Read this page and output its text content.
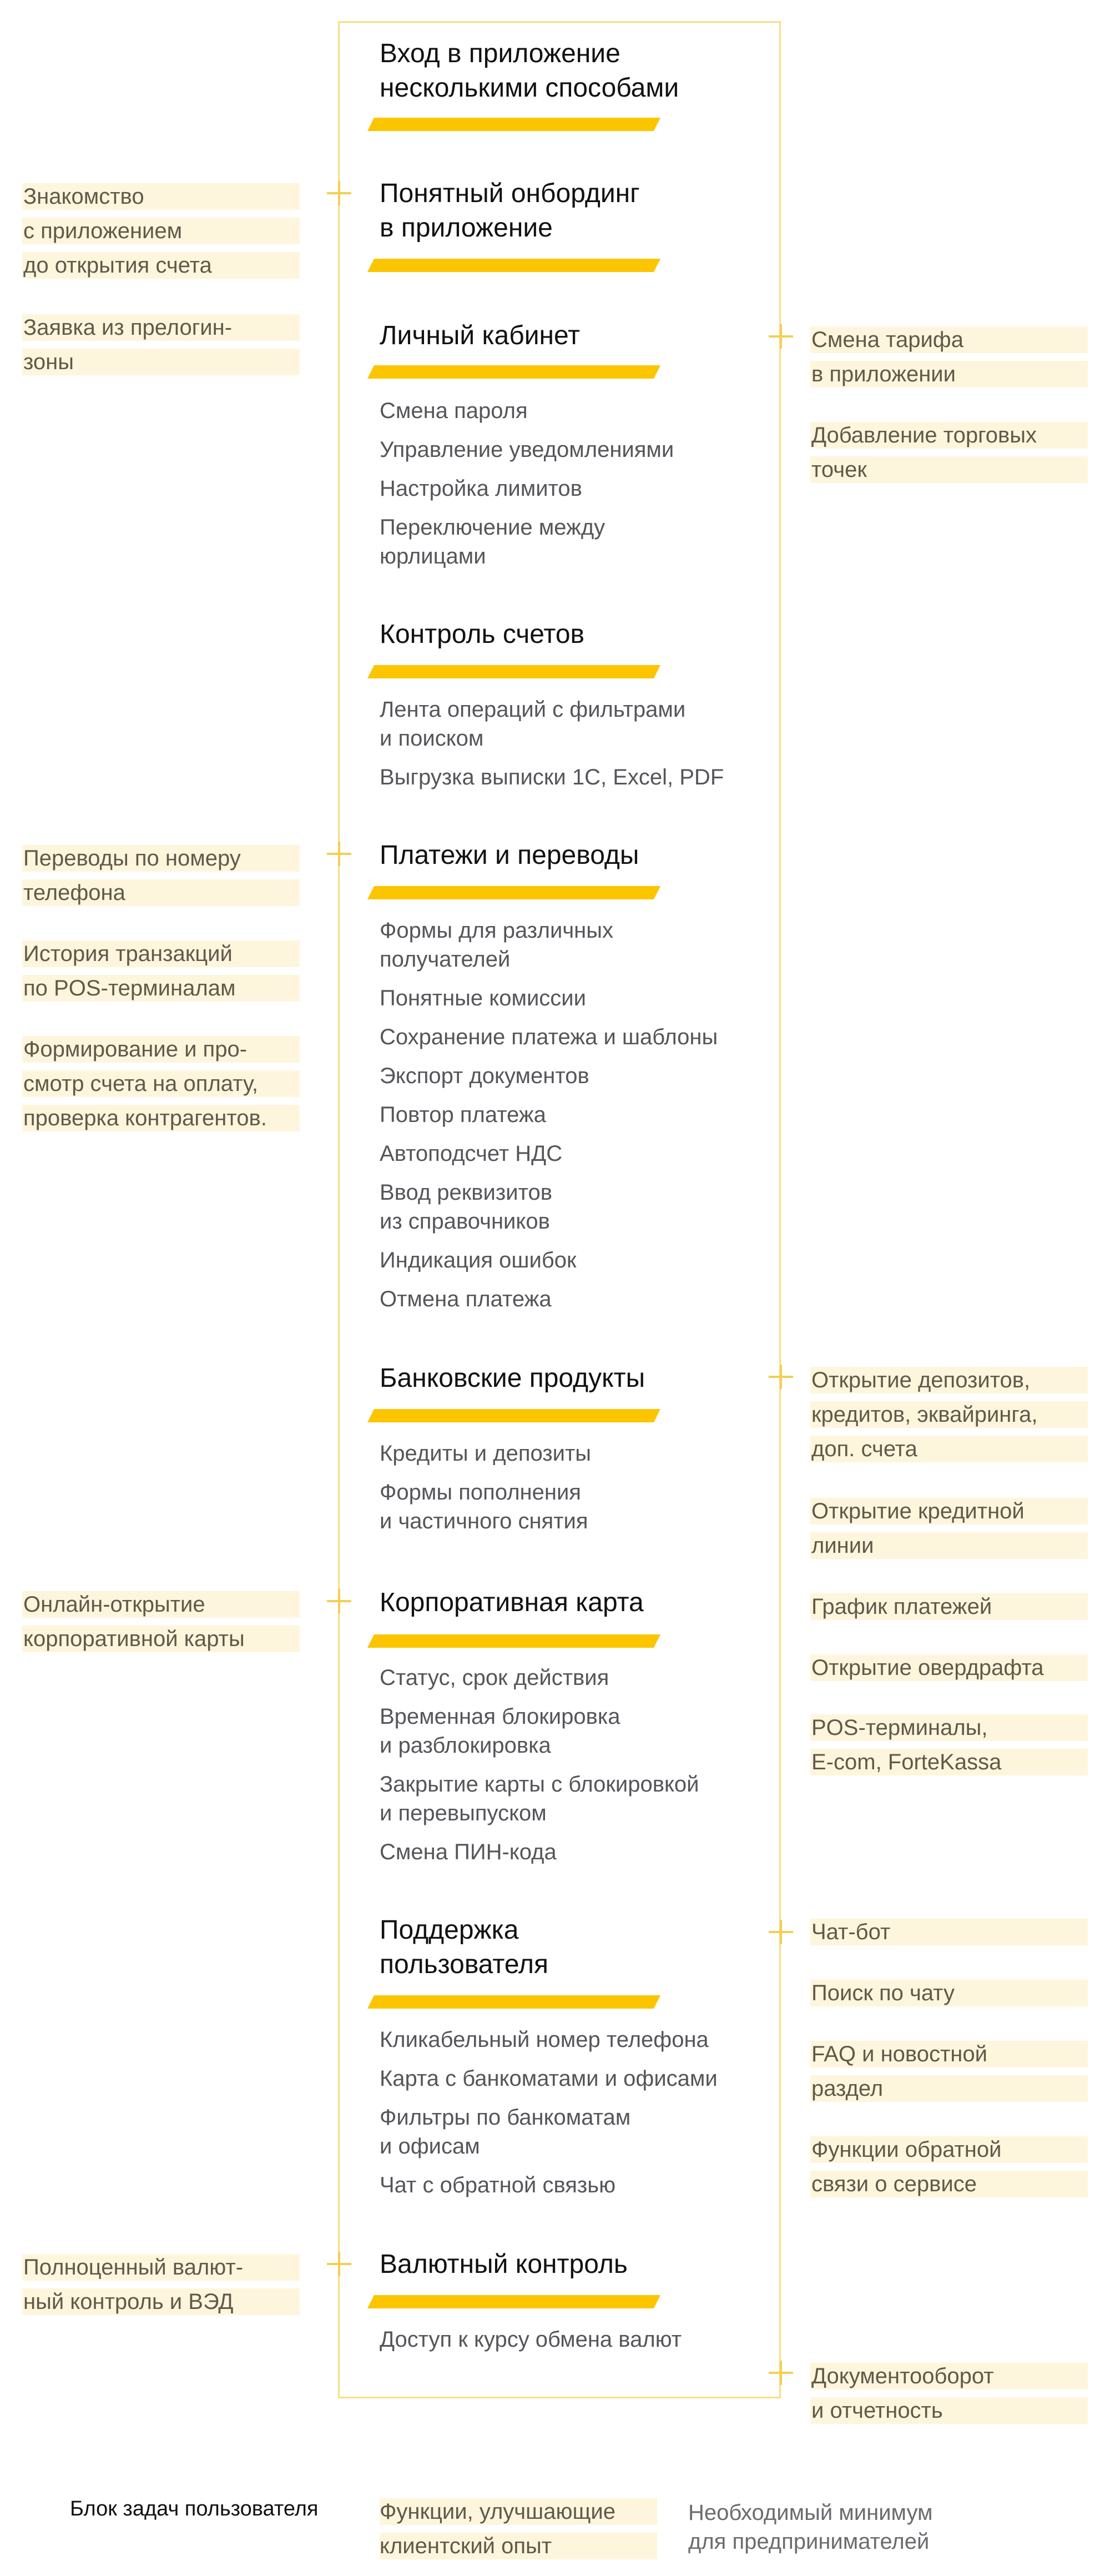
Вход в приложение
несколькими способами
Понятный онбординг
в приложение
Личный кабинет
Смена пароля
Управление уведомлениями
Настройка лимитов
Переключение между
юрлицами
Контроль счетов
Лента операций с фильтрами
и поиском
Выгрузка выписки 1С, Excel, PDF
Платежи и переводы
Формы для различных
получателей
Понятные комиссии
Сохранение платежа и шаблоны
Экспорт документов
Повтор платежа
Автоподсчет НДС
Ввод реквизитов
из справочников
Индикация ошибок
Отмена платежа
Банковские продукты
Кредиты и депозиты
Формы пополнения
и частичного снятия
Корпоративная карта
Статус, срок действия
Временная блокировка
и разблокировка
Закрытие карты с блокировкой
и перевыпуском
Смена ПИН-кода
Поддержка
пользователя
Кликабельный номер телефона
Карта с банкоматами и офисами
Фильтры по банкоматам
и офисам
Чат с обратной связью
Валютный контроль
Доступ к курсу обмена валют
Знакомство
с приложением
до открытия счета
Заявка из прелогин-
зоны
Переводы по номеру
телефона
История транзакций
по POS-терминалам
Формирование и про-
смотр счета на оплату,
проверка контрагентов.
Онлайн-открытие
корпоративной карты
Полноценный валют-
ный контроль и ВЭД
Смена тарифа
в приложении
Добавление торговых
точек
Открытие депозитов,
кредитов, эквайринга,
доп. счета
Открытие кредитной
линии
График платежей
Открытие овердрафта
POS-терминалы,
E-com, ForteKassa
Чат-бот
Поиск по чату
FAQ и новостной
раздел
Функции обратной
связи о сервисе
Документооборот
и отчетность
Блок задач пользователя	Функции, улучшающие
клиентский опыт
Необходимый минимум
для предпринимателей
